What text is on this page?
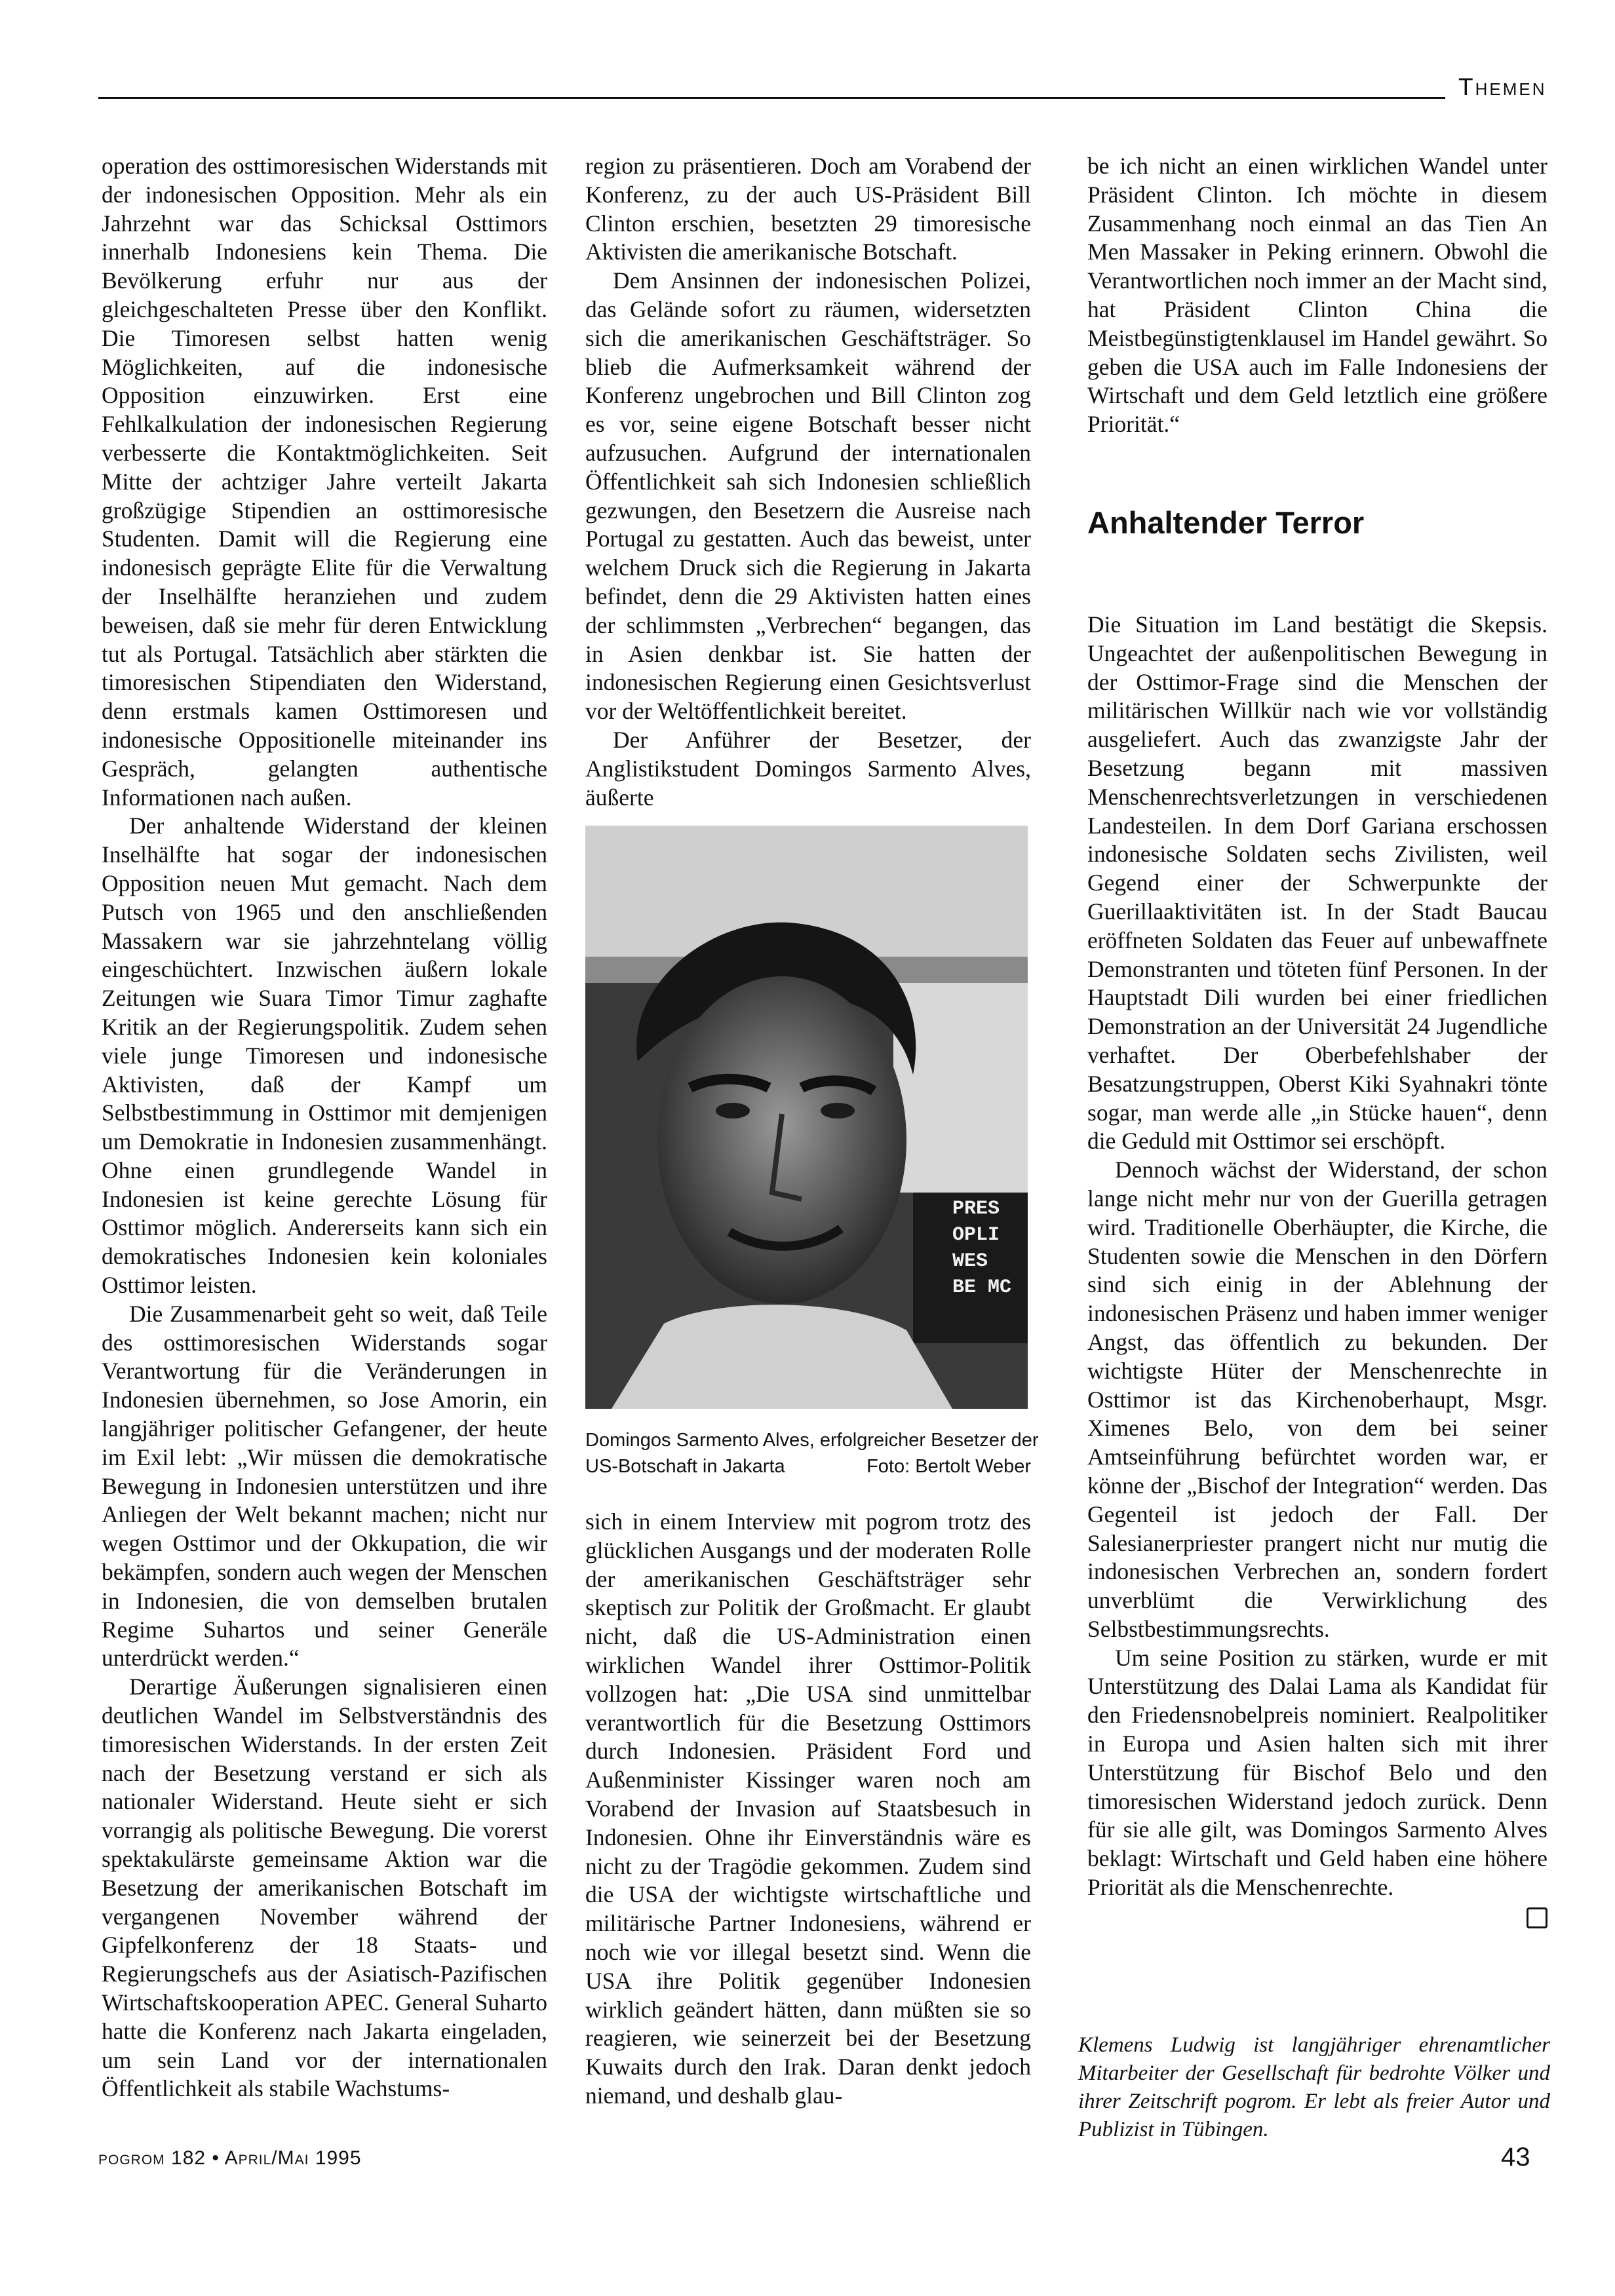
Themen

operation des osttimoresischen Widerstands mit der indonesischen Opposition. Mehr als ein Jahrzehnt war das Schicksal Osttimors innerhalb Indonesiens kein Thema. Die Bevölkerung erfuhr nur aus der gleichgeschalteten Presse über den Konflikt. Die Timoresen selbst hatten wenig Möglichkeiten, auf die indonesische Opposition einzuwirken. Erst eine Fehlkalkulation der indonesischen Regierung verbesserte die Kontaktmöglichkeiten. Seit Mitte der achtziger Jahre verteilt Jakarta großzügige Stipendien an osttimoresische Studenten. Damit will die Regierung eine indonesisch geprägte Elite für die Verwaltung der Inselhälfte heranziehen und zudem beweisen, daß sie mehr für deren Entwicklung tut als Portugal. Tatsächlich aber stärkten die timoresischen Stipendiaten den Widerstand, denn erstmals kamen Osttimoresen und indonesische Oppositionelle miteinander ins Gespräch, gelangten authentische Informationen nach außen.

Der anhaltende Widerstand der kleinen Inselhälfte hat sogar der indonesischen Opposition neuen Mut gemacht. Nach dem Putsch von 1965 und den anschließenden Massakern war sie jahrzehntelang völlig eingeschüchtert. Inzwischen äußern lokale Zeitungen wie Suara Timor Timur zaghafte Kritik an der Regierungspolitik. Zudem sehen viele junge Timoresen und indonesische Aktivisten, daß der Kampf um Selbstbestimmung in Osttimor mit demjenigen um Demokratie in Indonesien zusammenhängt. Ohne einen grundlegende Wandel in Indonesien ist keine gerechte Lösung für Osttimor möglich. Andererseits kann sich ein demokratisches Indonesien kein koloniales Osttimor leisten.

Die Zusammenarbeit geht so weit, daß Teile des osttimoresischen Widerstands sogar Verantwortung für die Veränderungen in Indonesien übernehmen, so Jose Amorin, ein langjähriger politischer Gefangener, der heute im Exil lebt: „Wir müssen die demokratische Bewegung in Indonesien unterstützen und ihre Anliegen der Welt bekannt machen; nicht nur wegen Osttimor und der Okkupation, die wir bekämpfen, sondern auch wegen der Menschen in Indonesien, die von demselben brutalen Regime Suhartos und seiner Generäle unterdrückt werden.“

Derartige Äußerungen signalisieren einen deutlichen Wandel im Selbstverständnis des timoresischen Widerstands. In der ersten Zeit nach der Besetzung verstand er sich als nationaler Widerstand. Heute sieht er sich vorrangig als politische Bewegung. Die vorerst spektakulärste gemeinsame Aktion war die Besetzung der amerikanischen Botschaft im vergangenen November während der Gipfelkonferenz der 18 Staats- und Regierungschefs aus der Asiatisch-Pazifischen Wirtschaftskooperation APEC. General Suharto hatte die Konferenz nach Jakarta eingeladen, um sein Land vor der internationalen Öffentlichkeit als stabile Wachstums-

region zu präsentieren. Doch am Vorabend der Konferenz, zu der auch US-Präsident Bill Clinton erschien, besetzten 29 timoresische Aktivisten die amerikanische Botschaft.

Dem Ansinnen der indonesischen Polizei, das Gelände sofort zu räumen, widersetzten sich die amerikanischen Geschäftsträger. So blieb die Aufmerksamkeit während der Konferenz ungebrochen und Bill Clinton zog es vor, seine eigene Botschaft besser nicht aufzusuchen. Aufgrund der internationalen Öffentlichkeit sah sich Indonesien schließlich gezwungen, den Besetzern die Ausreise nach Portugal zu gestatten. Auch das beweist, unter welchem Druck sich die Regierung in Jakarta befindet, denn die 29 Aktivisten hatten eines der schlimmsten „Verbrechen“ begangen, das in Asien denkbar ist. Sie hatten der indonesischen Regierung einen Gesichtsverlust vor der Weltöffentlichkeit bereitet.

Der Anführer der Besetzer, der Anglistikstudent Domingos Sarmento Alves, äußerte

PRES
OPLI
WES
BE MC
Domingos Sarmento Alves, erfolgreicher Besetzer der US-Botschaft in Jakarta	Foto: Bertolt Weber

sich in einem Interview mit pogrom trotz des glücklichen Ausgangs und der moderaten Rolle der amerikanischen Geschäftsträger sehr skeptisch zur Politik der Großmacht. Er glaubt nicht, daß die US-Administration einen wirklichen Wandel ihrer Osttimor-Politik vollzogen hat: „Die USA sind unmittelbar verantwortlich für die Besetzung Osttimors durch Indonesien. Präsident Ford und Außenminister Kissinger waren noch am Vorabend der Invasion auf Staatsbesuch in Indonesien. Ohne ihr Einverständnis wäre es nicht zu der Tragödie gekommen. Zudem sind die USA der wichtigste wirtschaftliche und militärische Partner Indonesiens, während er noch wie vor illegal besetzt sind. Wenn die USA ihre Politik gegenüber Indonesien wirklich geändert hätten, dann müßten sie so reagieren, wie seinerzeit bei der Besetzung Kuwaits durch den Irak. Daran denkt jedoch niemand, und deshalb glau-

be ich nicht an einen wirklichen Wandel unter Präsident Clinton. Ich möchte in diesem Zusammenhang noch einmal an das Tien An Men Massaker in Peking erinnern. Obwohl die Verantwortlichen noch immer an der Macht sind, hat Präsident Clinton China die Meistbegünstigtenklausel im Handel gewährt. So geben die USA auch im Falle Indonesiens der Wirtschaft und dem Geld letztlich eine größere Priorität.“

Anhaltender Terror

Die Situation im Land bestätigt die Skepsis. Ungeachtet der außenpolitischen Bewegung in der Osttimor-Frage sind die Menschen der militärischen Willkür nach wie vor vollständig ausgeliefert. Auch das zwanzigste Jahr der Besetzung begann mit massiven Menschenrechtsverletzungen in verschiedenen Landesteilen. In dem Dorf Gariana erschossen indonesische Soldaten sechs Zivilisten, weil Gegend einer der Schwerpunkte der Guerillaaktivitäten ist. In der Stadt Baucau eröffneten Soldaten das Feuer auf unbewaffnete Demonstranten und töteten fünf Personen. In der Hauptstadt Dili wurden bei einer friedlichen Demonstration an der Universität 24 Jugendliche verhaftet. Der Oberbefehlshaber der Besatzungstruppen, Oberst Kiki Syahnakri tönte sogar, man werde alle „in Stücke hauen“, denn die Geduld mit Osttimor sei erschöpft.

Dennoch wächst der Widerstand, der schon lange nicht mehr nur von der Guerilla getragen wird. Traditionelle Oberhäupter, die Kirche, die Studenten sowie die Menschen in den Dörfern sind sich einig in der Ablehnung der indonesischen Präsenz und haben immer weniger Angst, das öffentlich zu bekunden. Der wichtigste Hüter der Menschenrechte in Osttimor ist das Kirchenoberhaupt, Msgr. Ximenes Belo, von dem bei seiner Amtseinführung befürchtet worden war, er könne der „Bischof der Integration“ werden. Das Gegenteil ist jedoch der Fall. Der Salesianerpriester prangert nicht nur mutig die indonesischen Verbrechen an, sondern fordert unverblümt die Verwirklichung des Selbstbestimmungsrechts.

Um seine Position zu stärken, wurde er mit Unterstützung des Dalai Lama als Kandidat für den Friedensnobelpreis nominiert. Realpolitiker in Europa und Asien halten sich mit ihrer Unterstützung für Bischof Belo und den timoresischen Widerstand jedoch zurück. Denn für sie alle gilt, was Domingos Sarmento Alves beklagt: Wirtschaft und Geld haben eine höhere Priorität als die Menschenrechte.

Klemens Ludwig ist langjähriger ehrenamtlicher Mitarbeiter der Gesellschaft für bedrohte Völker und ihrer Zeitschrift pogrom. Er lebt als freier Autor und Publizist in Tübingen.
pogrom 182 • April/Mai 1995	43
